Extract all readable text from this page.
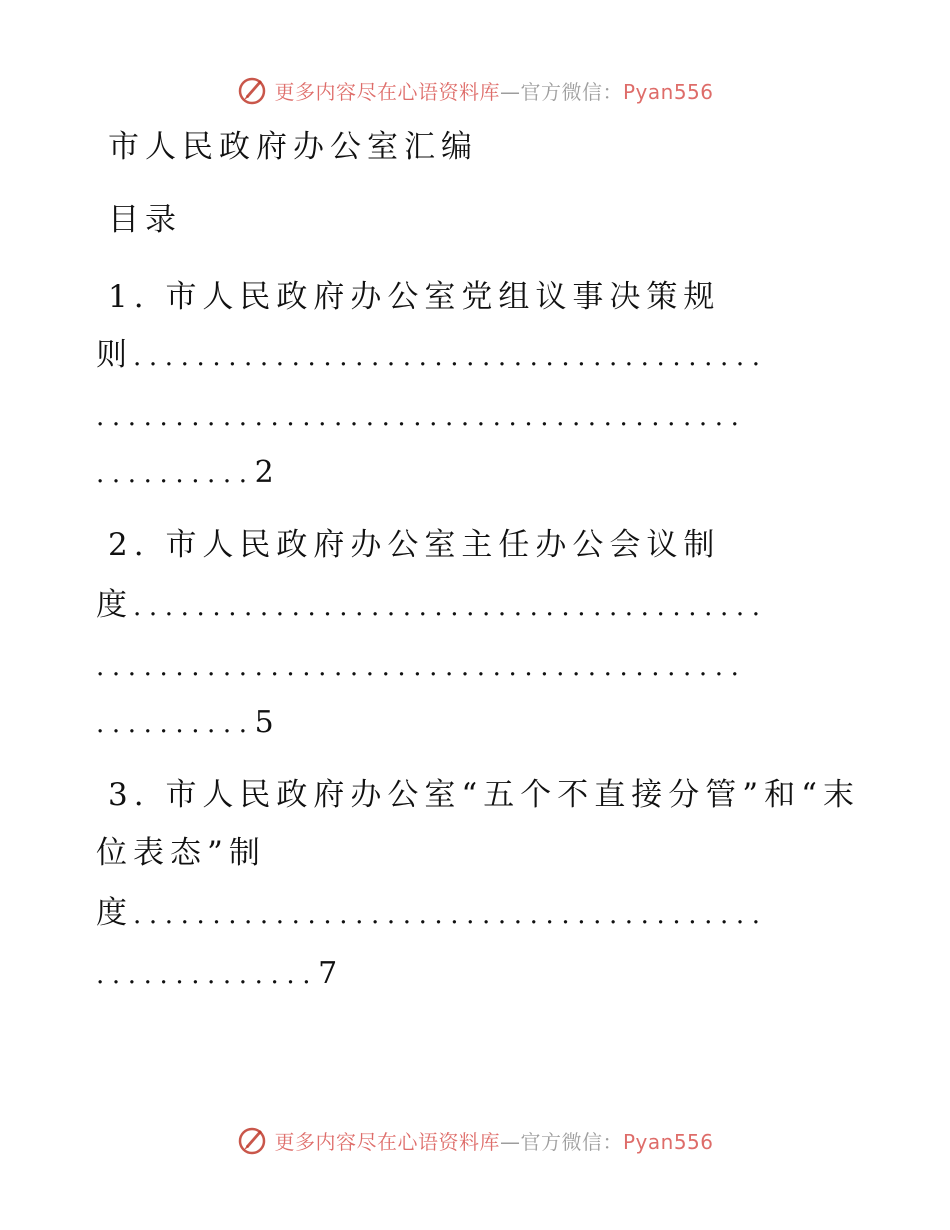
更多内容尽在心语资料库—官方微信：Pyan556
市人民政府办公室汇编
目录
1. 市人民政府办公室党组议事决策规
则........................................
.........................................
..........2
2. 市人民政府办公室主任办公会议制
度........................................
.........................................
..........5
3. 市人民政府办公室“五个不直接分管”和“末
位表态”制
度........................................
..............7
更多内容尽在心语资料库—官方微信：Pyan556
